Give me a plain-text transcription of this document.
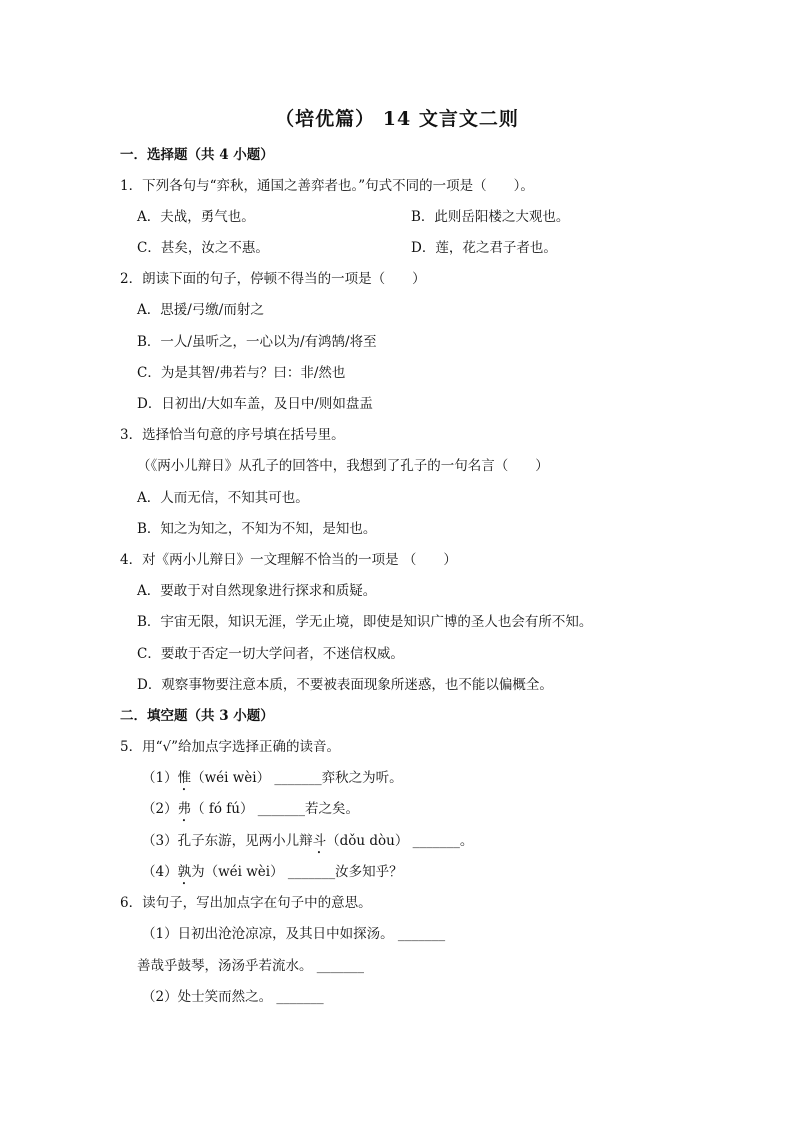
（培优篇） 14 文言文二则
一．选择题（共 4 小题）
1．下列各句与“弈秋，通国之善弈者也。”句式不同的一项是（　　）。
A．夫战，勇气也。	B．此则岳阳楼之大观也。
C．甚矣，汝之不惠。	D．莲，花之君子者也。
2．朗读下面的句子，停顿不得当的一项是（　　）
A．思援/弓缴/而射之
B．一人/虽听之，一心以为/有鸿鹄/将至
C．为是其智/弗若与？曰：非/然也
D．日初出/大如车盖，及日中/则如盘盂
3．选择恰当句意的序号填在括号里。
（《两小儿辩日》从孔子的回答中，我想到了孔子的一句名言（　　）
A．人而无信，不知其可也。
B．知之为知之，不知为不知，是知也。
4．对《两小儿辩日》一文理解不恰当的一项是 （　　）
A．要敢于对自然现象进行探求和质疑。
B．宇宙无限，知识无涯，学无止境，即使是知识广博的圣人也会有所不知。
C．要敢于否定一切大学问者，不迷信权威。
D．观察事物要注意本质，不要被表面现象所迷惑，也不能以偏概全。
二．填空题（共 3 小题）
5．用“√”给加点字选择正确的读音。
（1）惟（wéi wèi） _______弈秋之为听。
（2）弗（ fó fú） _______若之矣。
（3）孔子东游，见两小儿辩斗（dǒu dòu） _______。
（4）孰为（wéi wèi） _______汝多知乎？
6．读句子，写出加点字在句子中的意思。
（1）日初出沧沧凉凉，及其日中如探汤。 _______
善哉乎鼓琴，汤汤乎若流水。 _______
（2）处士笑而然之。 _______
